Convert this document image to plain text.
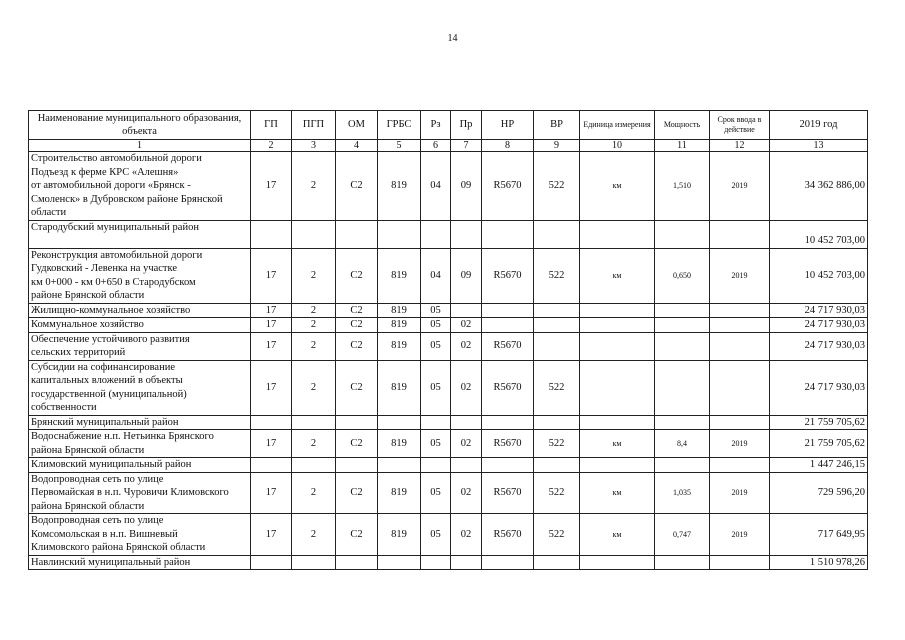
14
Наименование муниципального образования, объекта	ГП	ПГП	ОМ	ГРБС	Рз	Пр	НР	ВР	Единица измерения	Мощность	Срок ввода в действие	2019 год
1	2	3	4	5	6	7	8	9	10	11	12	13

Строительство автомобильной дороги
Подъезд к ферме КРС «Алешня»
от автомобильной дороги «Брянск -
Смоленск» в Дубровском районе Брянской
области	17	2	С2	819	04	09	R5670	522	км	1,510	2019	34 362 886,00

Стародубский муниципальный район												10 452 703,00

Реконструкция автомобильной дороги
Гудковский - Левенка на участке
км 0+000 - км 0+650 в Стародубском
районе Брянской области	17	2	С2	819	04	09	R5670	522	км	0,650	2019	10 452 703,00

Жилищно-коммунальное хозяйство	17	2	С2	819	05							24 717 930,03

Коммунальное хозяйство	17	2	С2	819	05	02						24 717 930,03

Обеспечение устойчивого развития
сельских территорий	17	2	С2	819	05	02	R5670					24 717 930,03

Субсидии на софинансирование
капитальных вложений в объекты
государственной (муниципальной)
собственности	17	2	С2	819	05	02	R5670	522				24 717 930,03

Брянский муниципальный район												21 759 705,62

Водоснабжение н.п. Нетьинка Брянского
района Брянской области	17	2	С2	819	05	02	R5670	522	км	8,4	2019	21 759 705,62

Климовский муниципальный район												1 447 246,15

Водопроводная сеть по улице
Первомайская в н.п. Чуровичи Климовского
района Брянской области	17	2	С2	819	05	02	R5670	522	км	1,035	2019	729 596,20

Водопроводная сеть по улице
Комсомольская в н.п. Вишневый
Климовского района Брянской области	17	2	С2	819	05	02	R5670	522	км	0,747	2019	717 649,95

Навлинский муниципальный район												1 510 978,26
